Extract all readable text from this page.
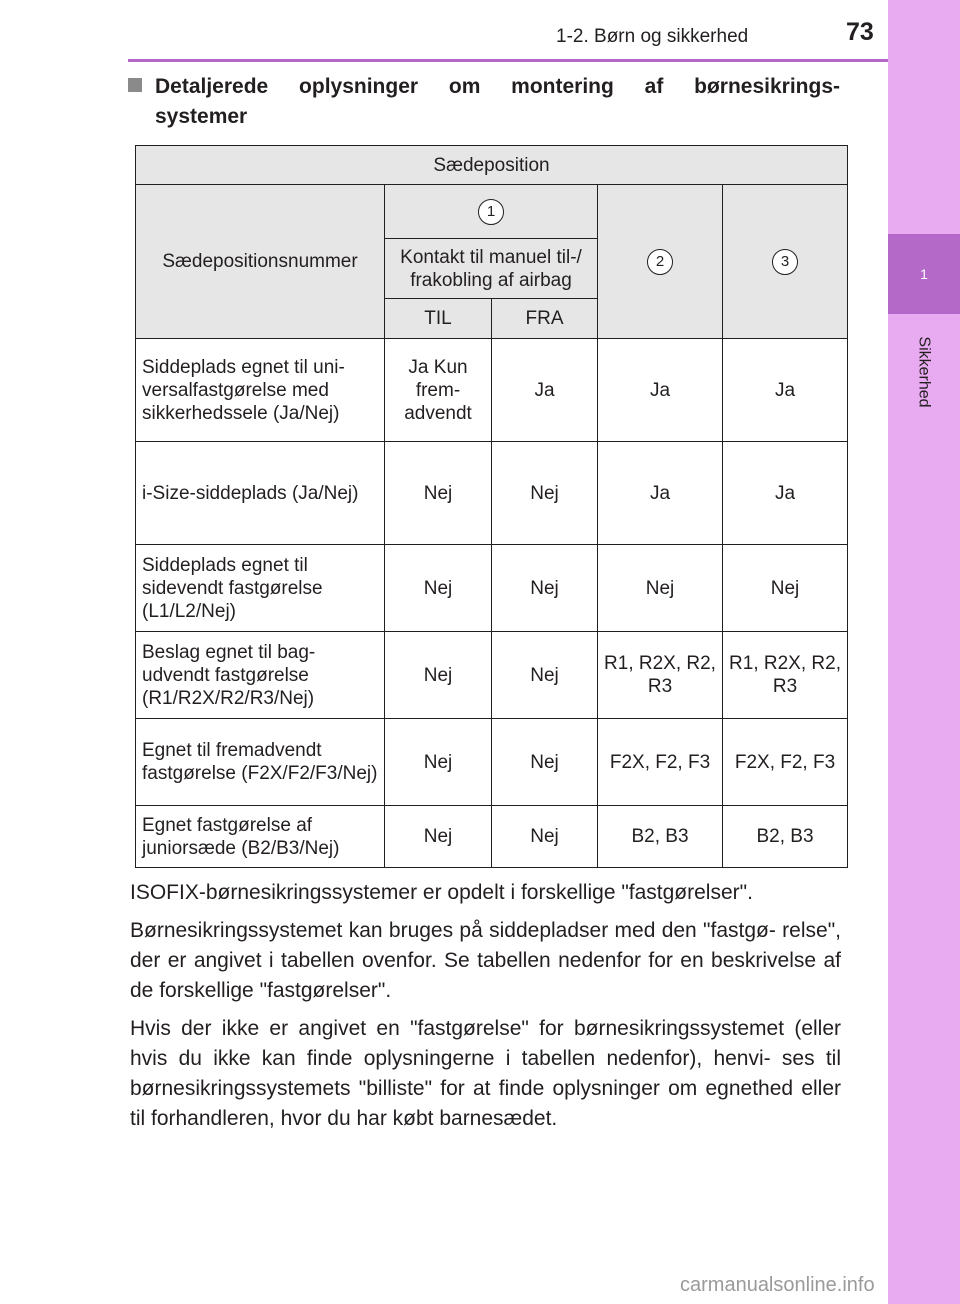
1
Sikkerhed
1-2. Børn og sikkerhed	73
Detaljerede oplysninger om montering af børnesikrings-
systemer
Sædeposition				
Sædepositionsnummer	1		2	3
	Kontakt til manuel til-/ frakobling af airbag			
	TIL	FRA		
Siddeplads egnet til uni- versalfastgørelse med sikkerhedssele (Ja/Nej)	Ja Kun frem- advendt	Ja	Ja	Ja
i-Size-siddeplads (Ja/Nej)	Nej	Nej	Ja	Ja
Siddeplads egnet til sidevendt fastgørelse (L1/L2/Nej)	Nej	Nej	Nej	Nej
Beslag egnet til bag- udvendt fastgørelse (R1/R2X/R2/R3/Nej)	Nej	Nej	R1, R2X, R2, R3	R1, R2X, R2, R3
Egnet til fremadvendt fastgørelse (F2X/F2/F3/Nej)	Nej	Nej	F2X, F2, F3	F2X, F2, F3
Egnet fastgørelse af juniorsæde (B2/B3/Nej)	Nej	Nej	B2, B3	B2, B3

ISOFIX-børnesikringssystemer er opdelt i forskellige "fastgørelser".

Børnesikringssystemet kan bruges på siddepladser med den "fastgø- relse", der er angivet i tabellen ovenfor. Se tabellen nedenfor for en beskrivelse af de forskellige "fastgørelser".

Hvis der ikke er angivet en "fastgørelse" for børnesikringssystemet (eller hvis du ikke kan finde oplysningerne i tabellen nedenfor), henvi- ses til børnesikringssystemets "billiste" for at finde oplysninger om egnethed eller til forhandleren, hvor du har købt barnesædet.

carmanualsonline.info
